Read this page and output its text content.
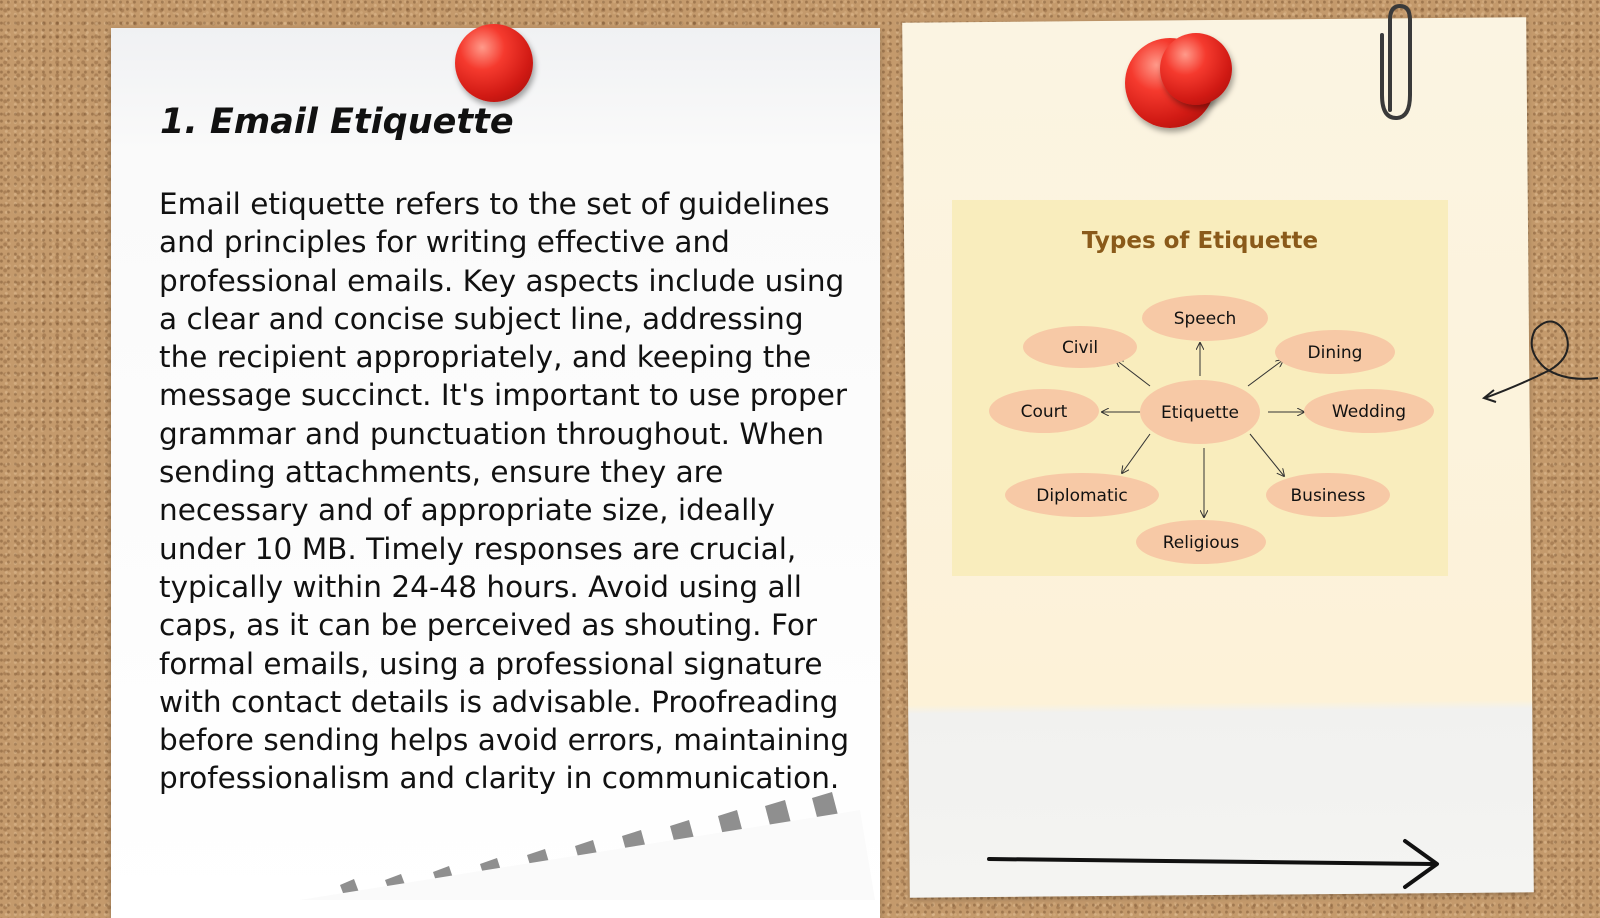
1. Email Etiquette

Email etiquette refers to the set of guidelines and principles for writing effective and professional emails. Key aspects include using a clear and concise subject line, addressing the recipient appropriately, and keeping the message succinct. It's important to use proper grammar and punctuation throughout. When sending attachments, ensure they are necessary and of appropriate size, ideally under 10 MB. Timely responses are crucial, typically within 24-48 hours. Avoid using all caps, as it can be perceived as shouting. For formal emails, using a professional signature with contact details is advisable. Proofreading before sending helps avoid errors, maintaining professionalism and clarity in communication.

Types of Etiquette
Etiquette
Speech
Civil	Dining
Court	Wedding
Diplomatic	Business
Religious
